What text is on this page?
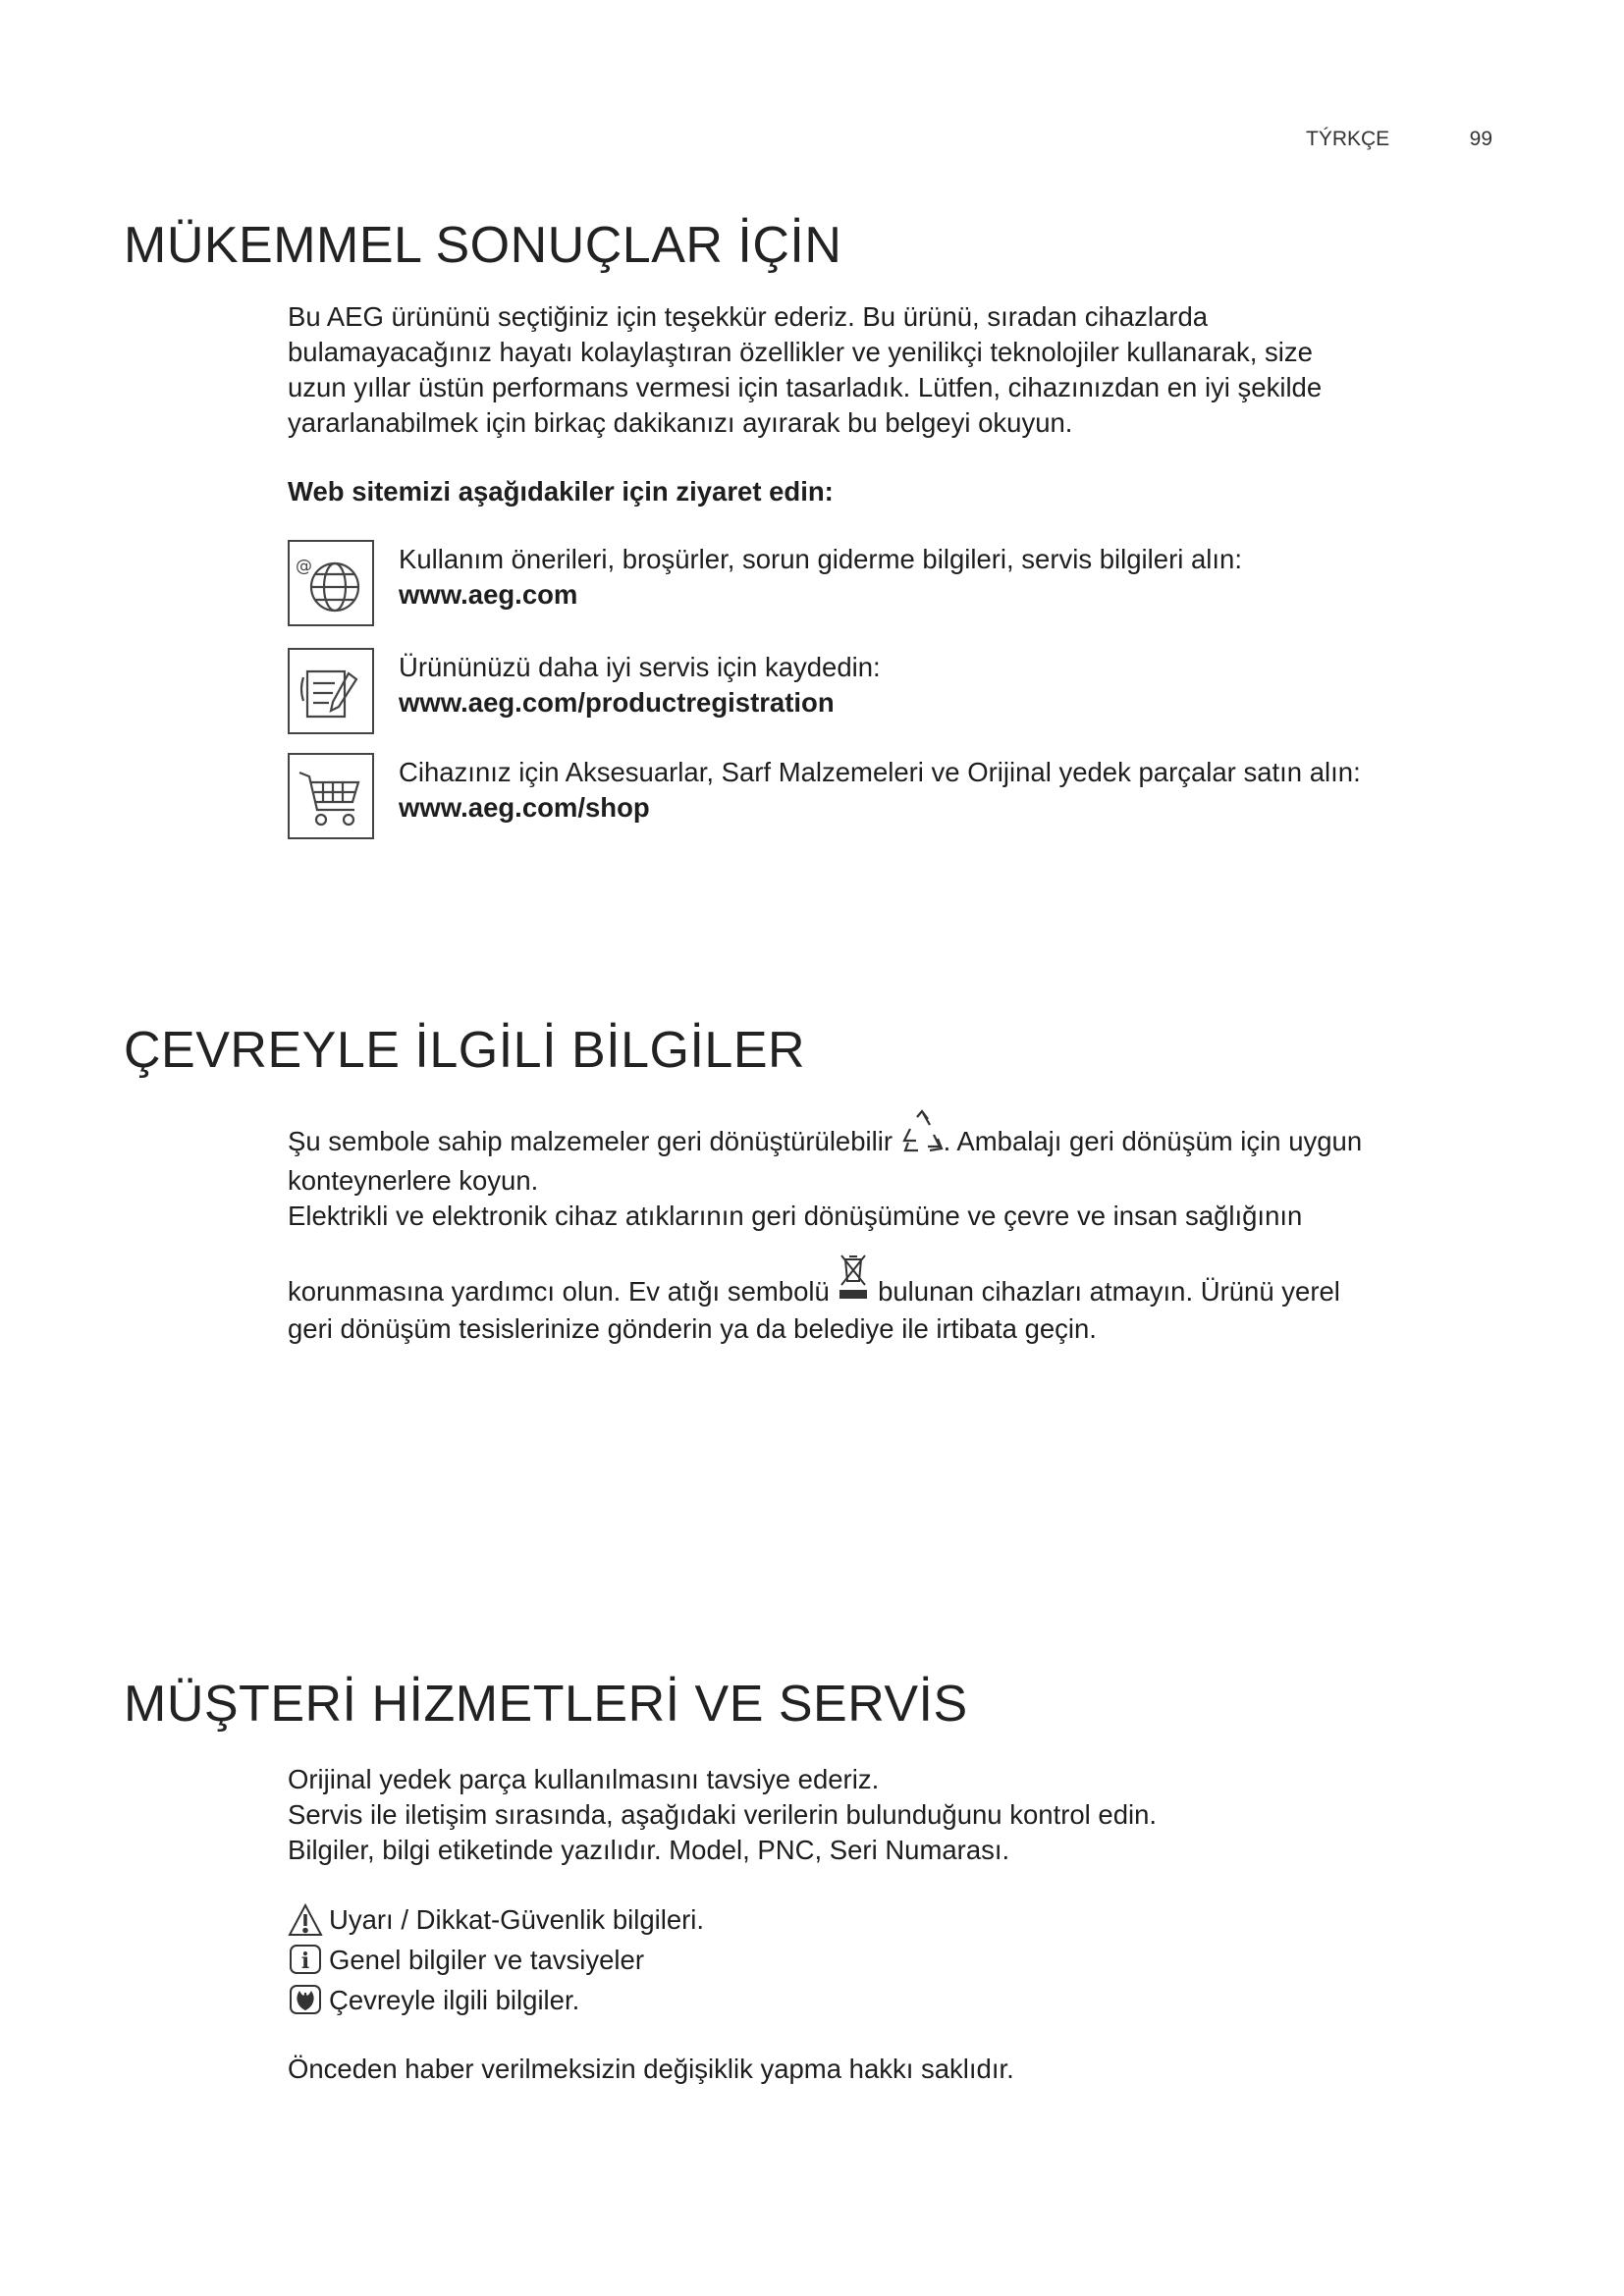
TÝRKÇE	99
MÜKEMMEL SONUÇLAR İÇİN

Bu AEG ürününü seçtiğiniz için teşekkür ederiz. Bu ürünü, sıradan cihazlarda

bulamayacağınız hayatı kolaylaştıran özellikler ve yenilikçi teknolojiler kullanarak, size

uzun yıllar üstün performans vermesi için tasarladık. Lütfen, cihazınızdan en iyi şekilde

yararlanabilmek için birkaç dakikanızı ayırarak bu belgeyi okuyun.

Web sitemizi aşağıdakiler için ziyaret edin:
@	Kullanım önerileri, broşürler, sorun giderme bilgileri, servis bilgileri alın:
www.aeg.com
Ürününüzü daha iyi servis için kaydedin:
www.aeg.com/productregistration
Cihazınız için Aksesuarlar, Sarf Malzemeleri ve Orijinal yedek parçalar satın alın:
www.aeg.com/shop
ÇEVREYLE İLGİLİ BİLGİLER

Şu sembole sahip malzemeler geri dönüştürülebilir . Ambalajı geri dönüşüm için uygun

konteynerlere koyun.

Elektrikli ve elektronik cihaz atıklarının geri dönüşümüne ve çevre ve insan sağlığının

korunmasına yardımcı olun. Ev atığı sembolü  bulunan cihazları atmayın. Ürünü yerel

geri dönüşüm tesislerinize gönderin ya da belediye ile irtibata geçin.

MÜŞTERİ HİZMETLERİ VE SERVİS

Orijinal yedek parça kullanılmasını tavsiye ederiz.

Servis ile iletişim sırasında, aşağıdaki verilerin bulunduğunu kontrol edin.

Bilgiler, bilgi etiketinde yazılıdır. Model, PNC, Seri Numarası.

Uyarı / Dikkat-Güvenlik bilgileri.
i Genel bilgiler ve tavsiyeler
Çevreyle ilgili bilgiler.
Önceden haber verilmeksizin değişiklik yapma hakkı saklıdır.
